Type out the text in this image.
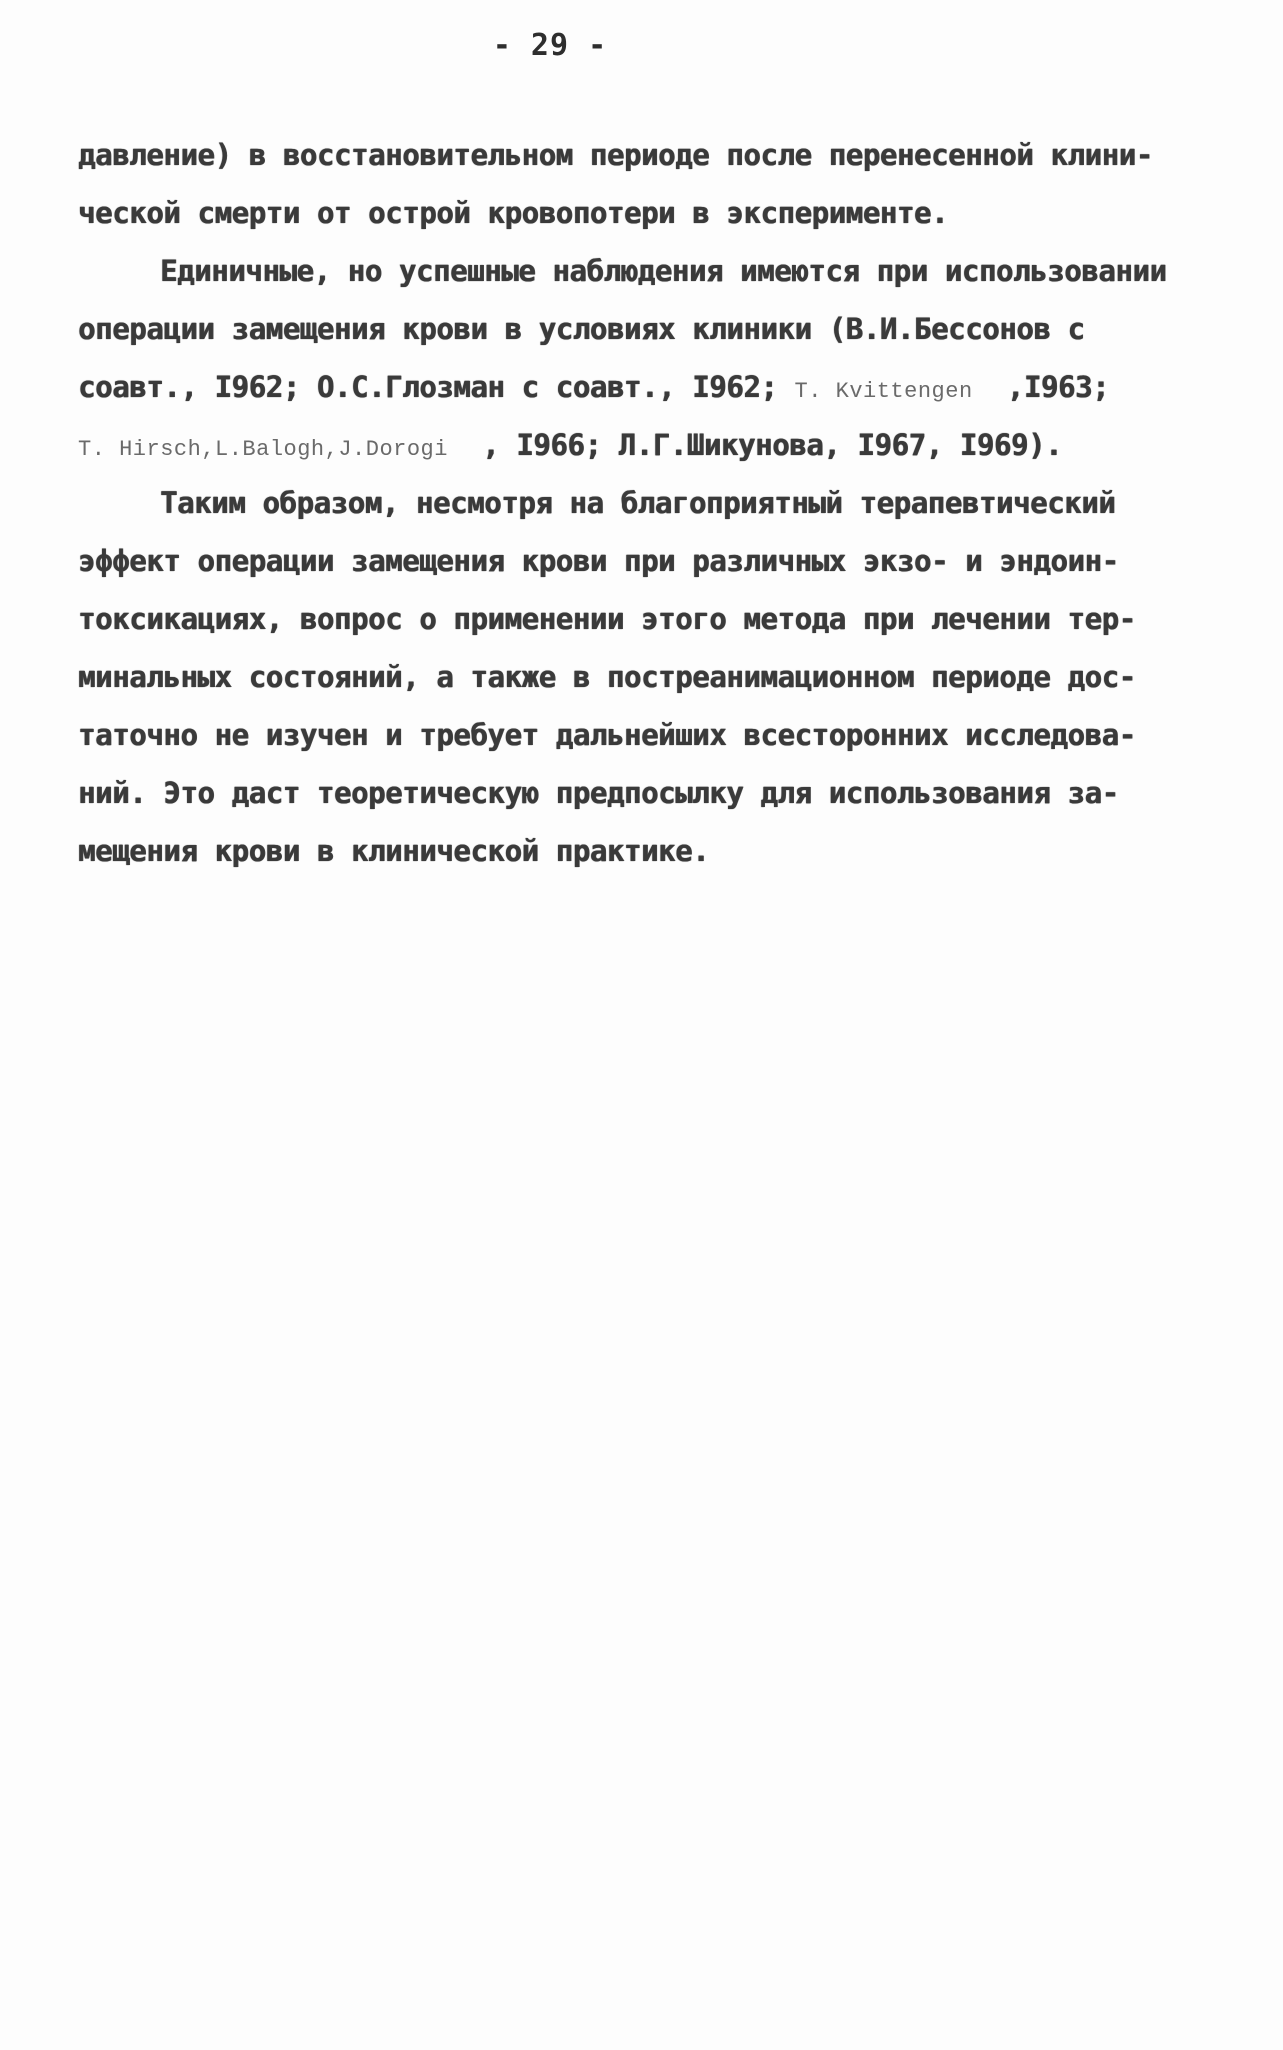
- 29 -
давление) в восстановительном периоде после перенесенной клини-
ческой смерти от острой кровопотери в эксперименте.
Единичные, но успешные наблюдения имеются при использовании
операции замещения крови в условиях клиники (В.И.Бессонов с
соавт., I962; О.С.Глозман с соавт., I962; T. Kvittengen ,I963;
T. Hirsch,L.Balogh,J.Dorogi , I966; Л.Г.Шикунова, I967, I969).
Таким образом, несмотря на благоприятный терапевтический
эффект операции замещения крови при различных экзо- и эндоин-
токсикациях, вопрос о применении этого метода при лечении тер-
минальных состояний, а также в постреанимационном периоде дос-
таточно не изучен и требует дальнейших всесторонних исследова-
ний. Это даст теоретическую предпосылку для использования за-
мещения крови в клинической практике.
